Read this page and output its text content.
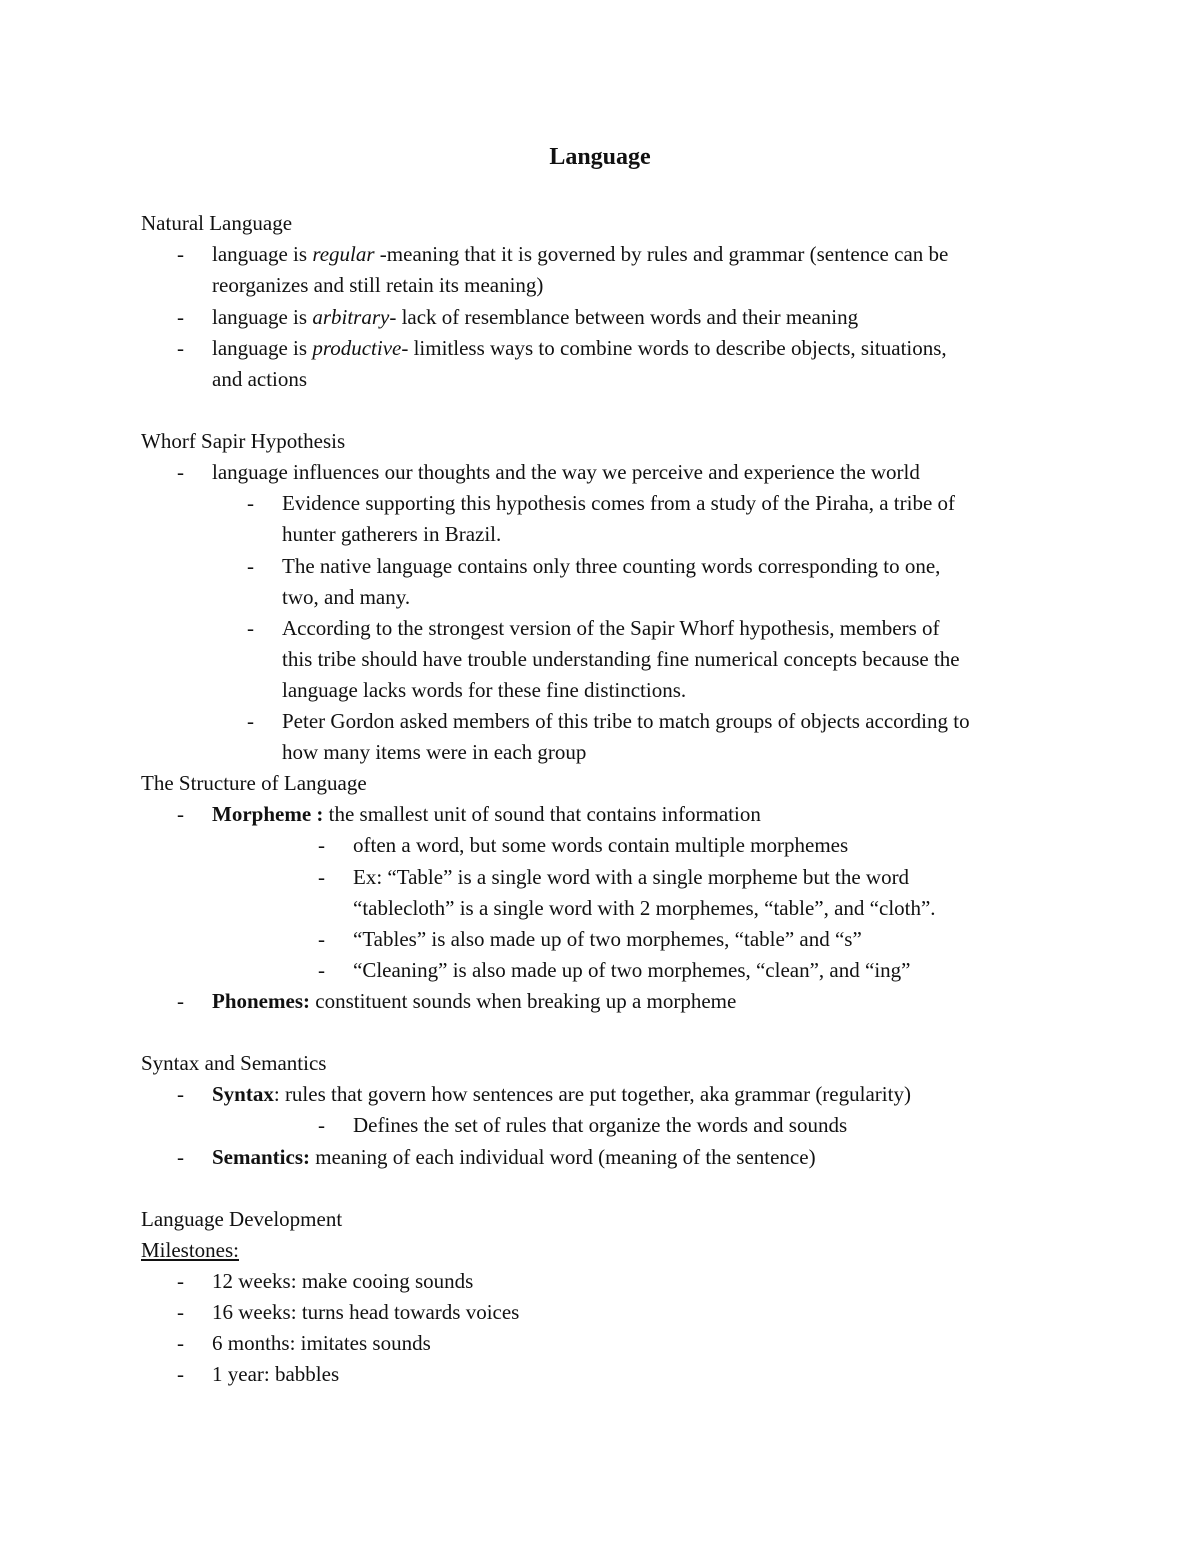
Language
Natural Language
- language is regular -meaning that it is governed by rules and grammar (sentence can be
reorganizes and still retain its meaning)
- language is arbitrary- lack of resemblance between words and their meaning
- language is productive- limitless ways to combine words to describe objects, situations,
and actions
Whorf Sapir Hypothesis
- language influences our thoughts and the way we perceive and experience the world
- Evidence supporting this hypothesis comes from a study of the Piraha, a tribe of
hunter gatherers in Brazil.
- The native language contains only three counting words corresponding to one,
two, and many.
- According to the strongest version of the Sapir Whorf hypothesis, members of
this tribe should have trouble understanding fine numerical concepts because the
language lacks words for these fine distinctions.
- Peter Gordon asked members of this tribe to match groups of objects according to
how many items were in each group
The Structure of Language
- Morpheme : the smallest unit of sound that contains information
- often a word, but some words contain multiple morphemes
- Ex: “Table” is a single word with a single morpheme but the word
“tablecloth” is a single word with 2 morphemes, “table”, and “cloth”.
- “Tables” is also made up of two morphemes, “table” and “s”
- “Cleaning” is also made up of two morphemes, “clean”, and “ing”
- Phonemes: constituent sounds when breaking up a morpheme
Syntax and Semantics
- Syntax: rules that govern how sentences are put together, aka grammar (regularity)
- Defines the set of rules that organize the words and sounds
- Semantics: meaning of each individual word (meaning of the sentence)
Language Development
Milestones:
- 12 weeks: make cooing sounds
- 16 weeks: turns head towards voices
- 6 months: imitates sounds
- 1 year: babbles
